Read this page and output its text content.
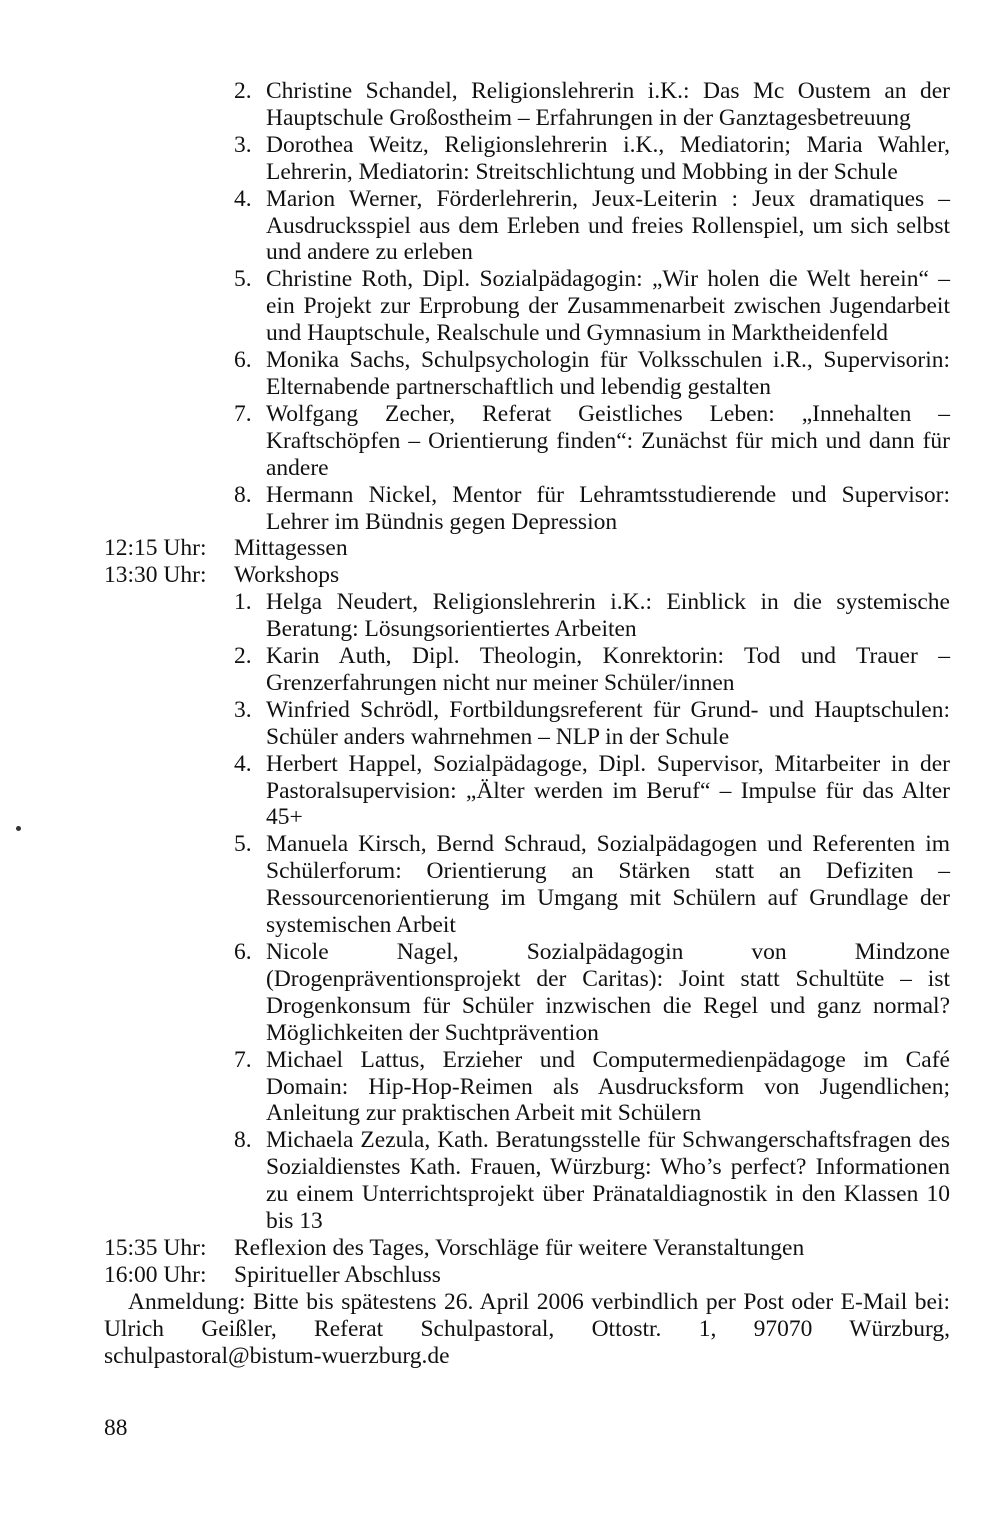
2. Christine Schandel, Religionslehrerin i.K.: Das Mc Oustem an der Hauptschule Großostheim – Erfahrungen in der Ganztagesbetreuung
3. Dorothea Weitz, Religionslehrerin i.K., Mediatorin; Maria Wahler, Lehrerin, Mediatorin: Streitschlichtung und Mobbing in der Schule
4. Marion Werner, Förderlehrerin, Jeux-Leiterin : Jeux dramatiques – Ausdrucksspiel aus dem Erleben und freies Rollenspiel, um sich selbst und andere zu erleben
5. Christine Roth, Dipl. Sozialpädagogin: „Wir holen die Welt herein“ – ein Projekt zur Erprobung der Zusammenarbeit zwischen Jugendarbeit und Hauptschule, Realschule und Gymnasium in Marktheidenfeld
6. Monika Sachs, Schulpsychologin für Volksschulen i.R., Supervisorin: Elternabende partnerschaftlich und lebendig gestalten
7. Wolfgang Zecher, Referat Geistliches Leben: „Innehalten – Kraftschöpfen – Orientierung finden“: Zunächst für mich und dann für andere
8. Hermann Nickel, Mentor für Lehramtsstudierende und Supervisor: Lehrer im Bündnis gegen Depression
12:15 Uhr: Mittagessen
13:30 Uhr: Workshops
1. Helga Neudert, Religionslehrerin i.K.: Einblick in die systemische Beratung: Lösungsorientiertes Arbeiten
2. Karin Auth, Dipl. Theologin, Konrektorin: Tod und Trauer – Grenzerfahrungen nicht nur meiner Schüler/innen
3. Winfried Schrödl, Fortbildungsreferent für Grund- und Hauptschulen: Schüler anders wahrnehmen – NLP in der Schule
4. Herbert Happel, Sozialpädagoge, Dipl. Supervisor, Mitarbeiter in der Pastoralsupervision: „Älter werden im Beruf“ – Impulse für das Alter 45+
5. Manuela Kirsch, Bernd Schraud, Sozialpädagogen und Referenten im Schülerforum: Orientierung an Stärken statt an Defiziten – Ressourcenorientierung im Umgang mit Schülern auf Grundlage der systemischen Arbeit
6. Nicole Nagel, Sozialpädagogin von Mindzone (Drogenpräventionsprojekt der Caritas): Joint statt Schultüte – ist Drogenkonsum für Schüler inzwischen die Regel und ganz normal? Möglichkeiten der Suchtprävention
7. Michael Lattus, Erzieher und Computermedienpädagoge im Café Domain: Hip-Hop-Reimen als Ausdrucksform von Jugendlichen; Anleitung zur praktischen Arbeit mit Schülern
8. Michaela Zezula, Kath. Beratungsstelle für Schwangerschaftsfragen des Sozialdienstes Kath. Frauen, Würzburg: Who’s perfect? Informationen zu einem Unterrichtsprojekt über Pränataldiagnostik in den Klassen 10 bis 13
15:35 Uhr: Reflexion des Tages, Vorschläge für weitere Veranstaltungen
16:00 Uhr: Spiritueller Abschluss
Anmeldung: Bitte bis spätestens 26. April 2006 verbindlich per Post oder E-Mail bei: Ulrich Geißler, Referat Schulpastoral, Ottostr. 1, 97070 Würzburg, schulpastoral@bistum-wuerzburg.de
88
